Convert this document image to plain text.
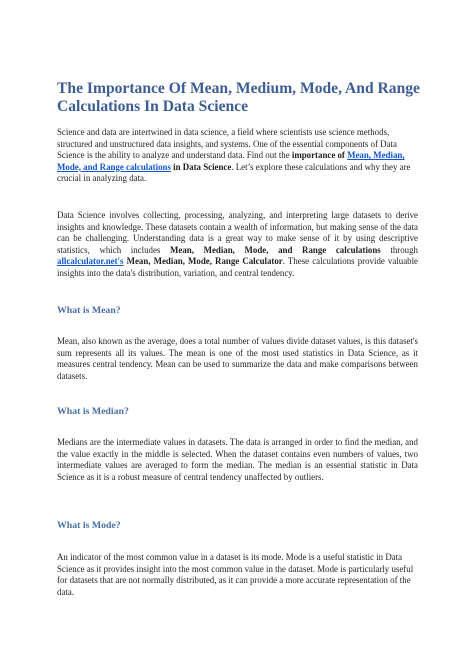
The Importance Of Mean, Medium, Mode, And Range Calculations In Data Science

Science and data are intertwined in data science, a field where scientists use science methods, structured and unstructured data insights, and systems. One of the essential components of Data Science is the ability to analyze and understand data. Find out the importance of Mean, Median, Mode, and Range calculations in Data Science. Let’s explore these calculations and why they are crucial in analyzing data.

Data Science involves collecting, processing, analyzing, and interpreting large datasets to derive insights and knowledge. These datasets contain a wealth of information, but making sense of the data can be challenging. Understanding data is a great way to make sense of it by using descriptive statistics, which includes Mean, Median, Mode, and Range calculations through allcalculator.net's Mean, Median, Mode, Range Calculator. These calculations provide valuable insights into the data's distribution, variation, and central tendency.

What is Mean?

Mean, also known as the average, does a total number of values divide dataset values, is this dataset's sum represents all its values. The mean is one of the most used statistics in Data Science, as it measures central tendency. Mean can be used to summarize the data and make comparisons between datasets.

What is Median?

Medians are the intermediate values in datasets. The data is arranged in order to find the median, and the value exactly in the middle is selected. When the dataset contains even numbers of values, two intermediate values are averaged to form the median. The median is an essential statistic in Data Science as it is a robust measure of central tendency unaffected by outliers.

What is Mode?

An indicator of the most common value in a dataset is its mode. Mode is a useful statistic in Data Science as it provides insight into the most common value in the dataset. Mode is particularly useful for datasets that are not normally distributed, as it can provide a more accurate representation of the data.
